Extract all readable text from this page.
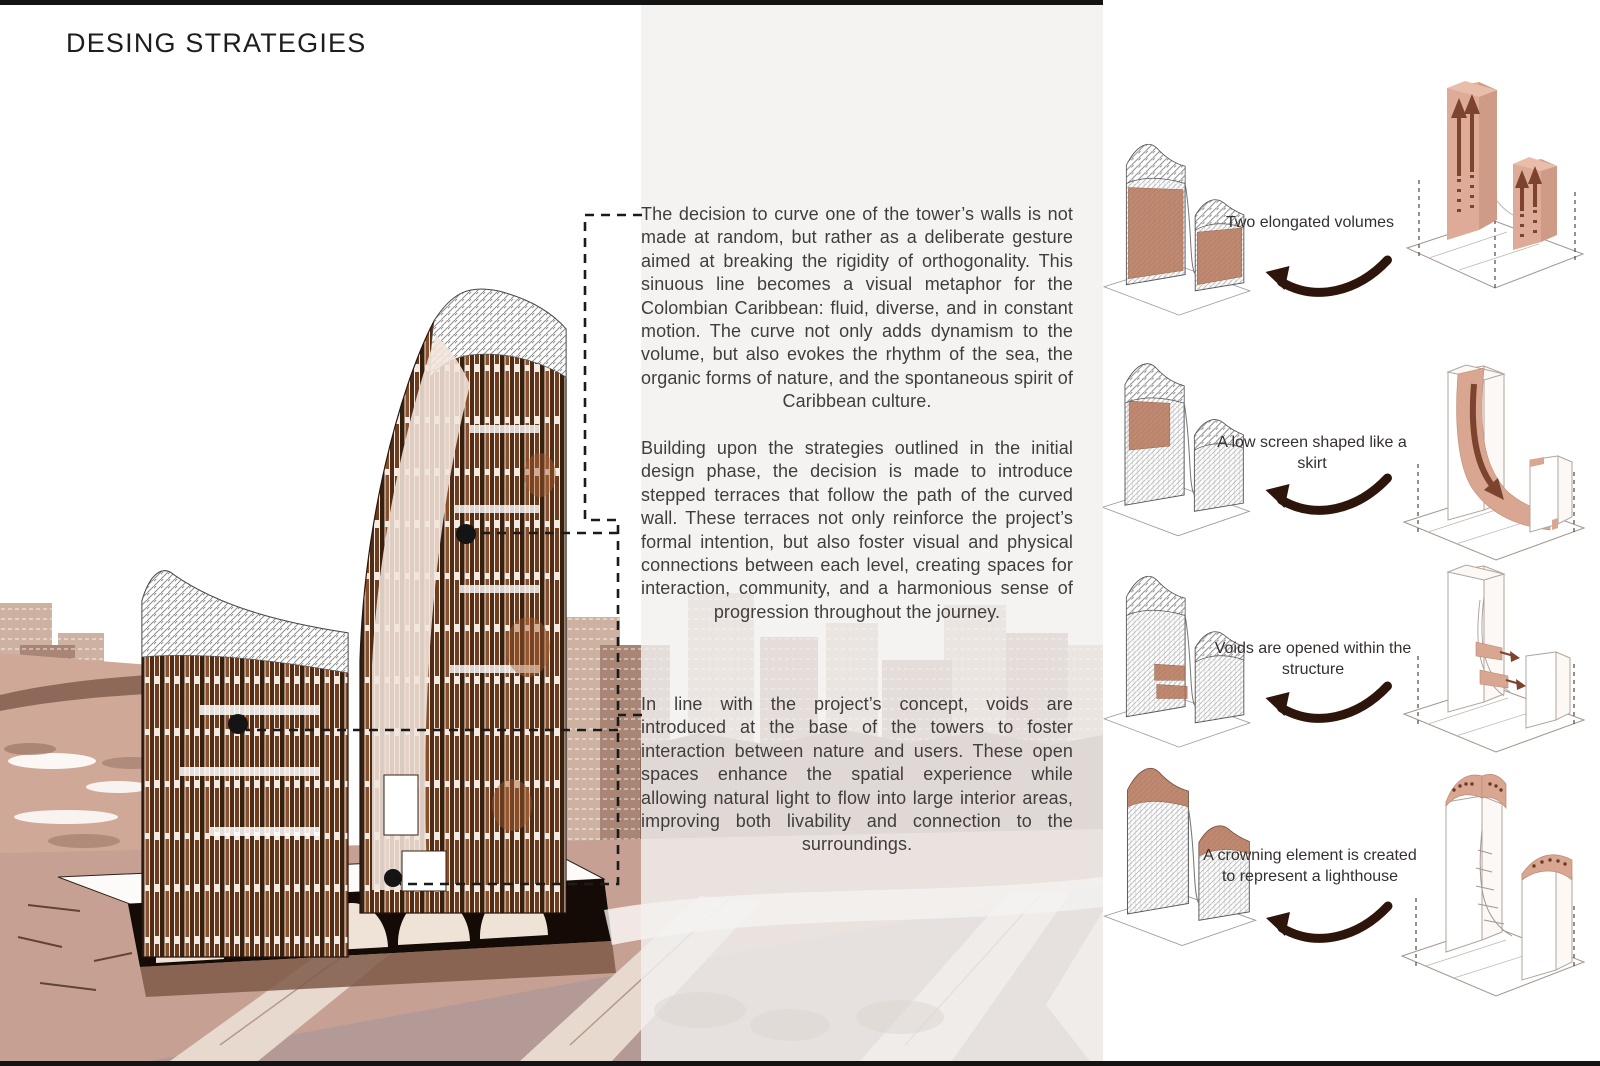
DESING STRATEGIES
The decision to curve one of the tower’s walls is not made at random, but rather as a deliberate gesture aimed at breaking the rigidity of orthogonality. This sinuous line becomes a visual metaphor for the Colombian Caribbean: fluid, diverse, and in constant motion. The curve not only adds dynamism to the volume, but also evokes the rhythm of the sea, the organic forms of nature, and the spontaneous spirit of Caribbean culture.
Building upon the strategies outlined in the initial design phase, the decision is made to introduce stepped terraces that follow the path of the curved wall. These terraces not only reinforce the project’s formal intention, but also foster visual and physical connections between each level, creating spaces for interaction, community, and a harmonious sense of progression throughout the journey.
In line with the project’s concept, voids are introduced at the base of the towers to foster interaction between nature and users. These open spaces enhance the spatial experience while allowing natural light to flow into large interior areas, improving both livability and connection to the surroundings.
Two elongated volumes
A low screen shaped like a skirt
Voids are opened within the structure
A crowning element is created to represent a lighthouse
